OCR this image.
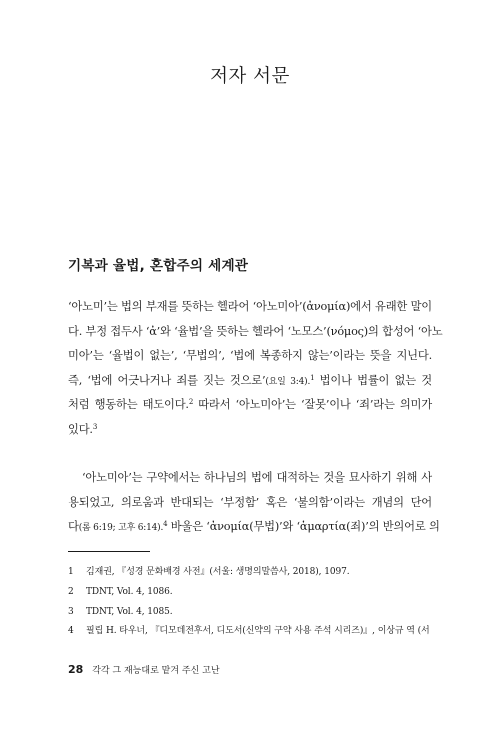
저자 서문
기복과 율법, 혼합주의 세계관
‘아노미’는 법의 부재를 뜻하는 헬라어 ‘아노미아’(ἀνομία)에서 유래한 말이
다. 부정 접두사 ‘ἀ’와 ‘율법’을 뜻하는 헬라어 ‘노모스’(νόμος)의 합성어 ‘아노
미아’는 ‘율법이 없는’, ‘무법의’, ‘법에 복종하지 않는’이라는 뜻을 지닌다.
즉, ‘법에 어긋나거나 죄를 짓는 것으로’(요일 3:4).$^1$ 법이나 법률이 없는 것
처럼 행동하는 태도이다.$^2$ 따라서 ‘아노미아’는 ‘잘못’이나 ‘죄’라는 의미가
있다.$^3$
‘아노미아’는 구약에서는 하나님의 법에 대적하는 것을 묘사하기 위해 사
용되었고, 의로움과 반대되는 ‘부정함’ 혹은 ‘불의함’이라는 개념의 단어
다(롬 6:19; 고후 6:14).$^4$ 바울은 ‘ἀνομία(무법)’와 ‘ἁμαρτία(죄)’의 반의어로 의
1 김재권, 『성경 문화배경 사전』(서울: 생명의말씀사, 2018), 1097.
2 TDNT, Vol. 4, 1086.
3 TDNT, Vol. 4, 1085.
4 필립 H. 타우너, 『디모데전후서, 디도서(신약의 구약 사용 주석 시리즈)』, 이상규 역 (서
28 각각 그 재능대로 맡겨 주신 고난
